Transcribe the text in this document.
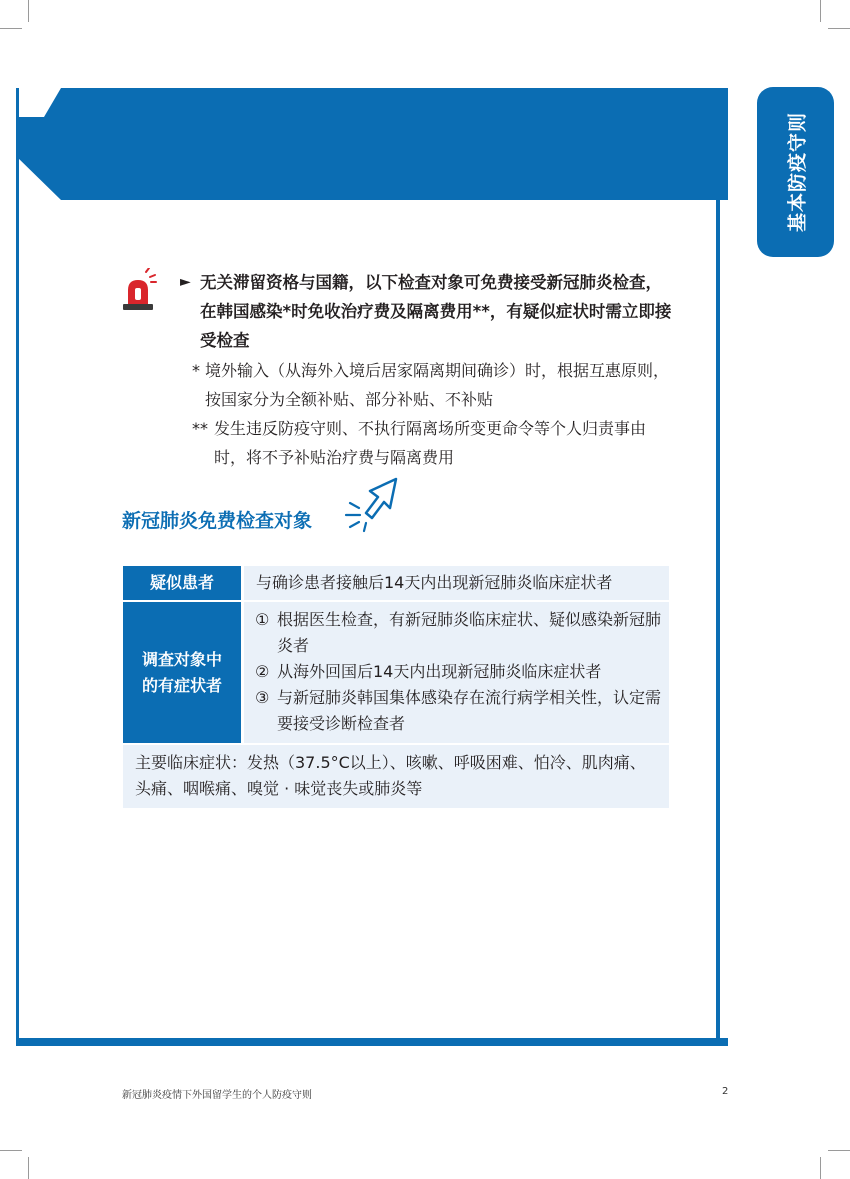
基本防疫守则
► 无关滞留资格与国籍，以下检查对象可免费接受新冠肺炎检查，在韩国感染*时免收治疗费及隔离费用**，有疑似症状时需立即接受检查
* 境外输入（从海外入境后居家隔离期间确诊）时，根据互惠原则，按国家分为全额补贴、部分补贴、不补贴
** 发生违反防疫守则、不执行隔离场所变更命令等个人归责事由时，将不予补贴治疗费与隔离费用
新冠肺炎免费检查对象
疑似患者	与确诊患者接触后14天内出现新冠肺炎临床症状者
调查对象中
的有症状者
① 根据医生检查，有新冠肺炎临床症状、疑似感染新冠肺炎者
② 从海外回国后14天内出现新冠肺炎临床症状者
③ 与新冠肺炎韩国集体感染存在流行病学相关性，认定需要接受诊断检查者
主要临床症状：发热（37.5°C以上）、咳嗽、呼吸困难、怕冷、肌肉痛、头痛、咽喉痛、嗅觉 · 味觉丧失或肺炎等
新冠肺炎疫情下外国留学生的个人防疫守则	2
